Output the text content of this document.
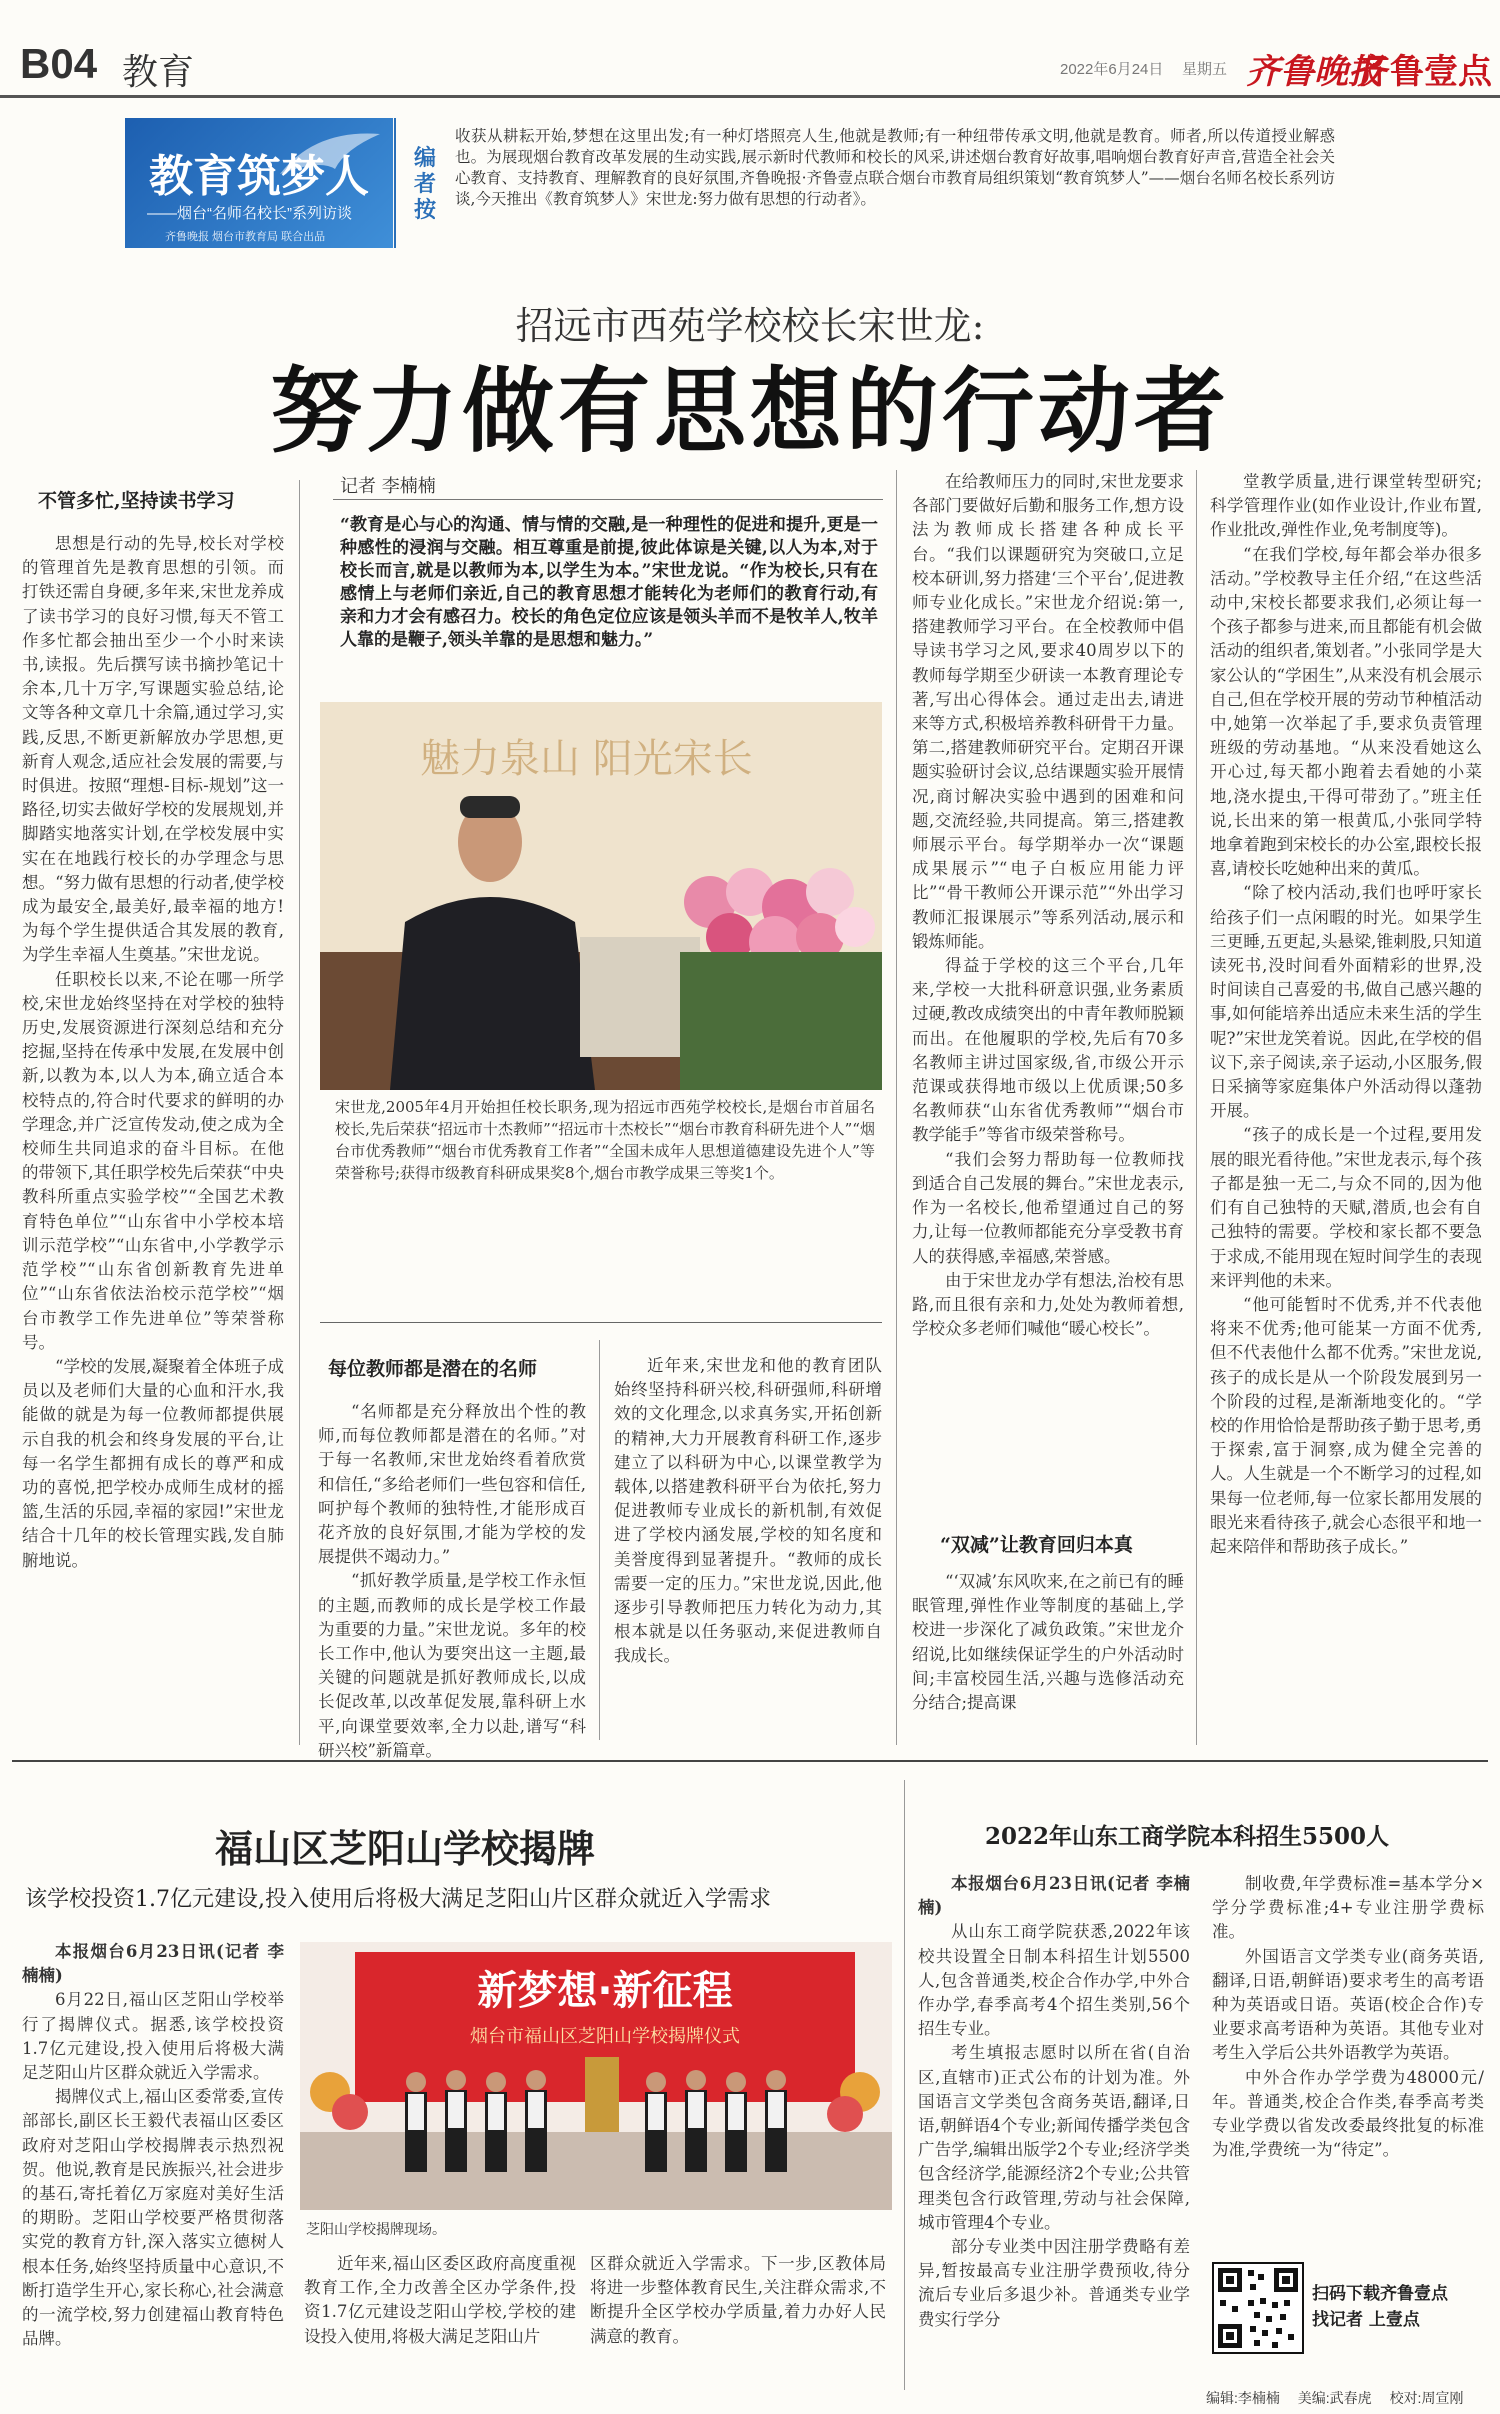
B04 教育	2022年6月24日 星期五 齐鲁晚报
齐鲁壹点
教育筑梦人
——烟台“名师名校长”系列访谈
齐鲁晚报 烟台市教育局 联合出品
编者按
收获从耕耘开始,梦想在这里出发;有一种灯塔照亮人生,他就是教师;有一种纽带传承文明,他就是教育。师者,所以传道授业解惑也。为展现烟台教育改革发展的生动实践,展示新时代教师和校长的风采,讲述烟台教育好故事,唱响烟台教育好声音,营造全社会关心教育、支持教育、理解教育的良好氛围,齐鲁晚报·齐鲁壹点联合烟台市教育局组织策划“教育筑梦人”——烟台名师名校长系列访谈,今天推出《教育筑梦人》宋世龙:努力做有思想的行动者》。
招远市西苑学校校长宋世龙:
努力做有思想的行动者
不管多忙,坚持读书学习

思想是行动的先导,校长对学校的管理首先是教育思想的引领。而打铁还需自身硬,多年来,宋世龙养成了读书学习的良好习惯,每天不管工作多忙都会抽出至少一个小时来读书,读报。先后撰写读书摘抄笔记十余本,几十万字,写课题实验总结,论文等各种文章几十余篇,通过学习,实践,反思,不断更新解放办学思想,更新育人观念,适应社会发展的需要,与时俱进。按照“理想-目标-规划”这一路径,切实去做好学校的发展规划,并脚踏实地落实计划,在学校发展中实实在在地践行校长的办学理念与思想。“努力做有思想的行动者,使学校成为最安全,最美好,最幸福的地方!为每个学生提供适合其发展的教育,为学生幸福人生奠基。”宋世龙说。

任职校长以来,不论在哪一所学校,宋世龙始终坚持在对学校的独特历史,发展资源进行深刻总结和充分挖掘,坚持在传承中发展,在发展中创新,以教为本,以人为本,确立适合本校特点的,符合时代要求的鲜明的办学理念,并广泛宣传发动,使之成为全校师生共同追求的奋斗目标。在他的带领下,其任职学校先后荣获“中央教科所重点实验学校”“全国艺术教育特色单位”“山东省中小学校本培训示范学校”“山东省中,小学教学示范学校”“山东省创新教育先进单位”“山东省依法治校示范学校”“烟台市教学工作先进单位”等荣誉称号。

“学校的发展,凝聚着全体班子成员以及老师们大量的心血和汗水,我能做的就是为每一位教师都提供展示自我的机会和终身发展的平台,让每一名学生都拥有成长的尊严和成功的喜悦,把学校办成师生成材的摇篮,生活的乐园,幸福的家园!”宋世龙结合十几年的校长管理实践,发自肺腑地说。

记者 李楠楠
“教育是心与心的沟通、情与情的交融,是一种理性的促进和提升,更是一种感性的浸润与交融。相互尊重是前提,彼此体谅是关键,以人为本,对于校长而言,就是以教师为本,以学生为本。”宋世龙说。“作为校长,只有在感情上与老师们亲近,自己的教育思想才能转化为老师们的教育行动,有亲和力才会有感召力。校长的角色定位应该是领头羊而不是牧羊人,牧羊人靠的是鞭子,领头羊靠的是思想和魅力。”
魅力泉山 阳光宋长
宋世龙,2005年4月开始担任校长职务,现为招远市西苑学校校长,是烟台市首届名校长,先后荣获“招远市十杰教师”“招远市十杰校长”“烟台市教育科研先进个人”“烟台市优秀教师”“烟台市优秀教育工作者”“全国未成年人思想道德建设先进个人”等荣誉称号;获得市级教育科研成果奖8个,烟台市教学成果三等奖1个。
每位教师都是潜在的名师

“名师都是充分释放出个性的教师,而每位教师都是潜在的名师。”对于每一名教师,宋世龙始终看着欣赏和信任,“多给老师们一些包容和信任,呵护每个教师的独特性,才能形成百花齐放的良好氛围,才能为学校的发展提供不竭动力。”

“抓好教学质量,是学校工作永恒的主题,而教师的成长是学校工作最为重要的力量。”宋世龙说。多年的校长工作中,他认为要突出这一主题,最关键的问题就是抓好教师成长,以成长促改革,以改革促发展,靠科研上水平,向课堂要效率,全力以赴,谱写“科研兴校”新篇章。

近年来,宋世龙和他的教育团队始终坚持科研兴校,科研强师,科研增效的文化理念,以求真务实,开拓创新的精神,大力开展教育科研工作,逐步建立了以科研为中心,以课堂教学为载体,以搭建教科研平台为依托,努力促进教师专业成长的新机制,有效促进了学校内涵发展,学校的知名度和美誉度得到显著提升。“教师的成长需要一定的压力。”宋世龙说,因此,他逐步引导教师把压力转化为动力,其根本就是以任务驱动,来促进教师自我成长。

在给教师压力的同时,宋世龙要求各部门要做好后勤和服务工作,想方设法为教师成长搭建各种成长平台。“我们以课题研究为突破口,立足校本研训,努力搭建‘三个平台’,促进教师专业化成长。”宋世龙介绍说:第一,搭建教师学习平台。在全校教师中倡导读书学习之风,要求40周岁以下的教师每学期至少研读一本教育理论专著,写出心得体会。通过走出去,请进来等方式,积极培养教科研骨干力量。第二,搭建教师研究平台。定期召开课题实验研讨会议,总结课题实验开展情况,商讨解决实验中遇到的困难和问题,交流经验,共同提高。第三,搭建教师展示平台。每学期举办一次“课题成果展示”“电子白板应用能力评比”“骨干教师公开课示范”“外出学习教师汇报课展示”等系列活动,展示和锻炼师能。

得益于学校的这三个平台,几年来,学校一大批科研意识强,业务素质过硬,教改成绩突出的中青年教师脱颖而出。在他履职的学校,先后有70多名教师主讲过国家级,省,市级公开示范课或获得地市级以上优质课;50多名教师获“山东省优秀教师”“烟台市教学能手”等省市级荣誉称号。

“我们会努力帮助每一位教师找到适合自己发展的舞台。”宋世龙表示,作为一名校长,他希望通过自己的努力,让每一位教师都能充分享受教书育人的获得感,幸福感,荣誉感。

由于宋世龙办学有想法,治校有思路,而且很有亲和力,处处为教师着想,学校众多老师们喊他“暖心校长”。

“双减”让教育回归本真

“‘双减’东风吹来,在之前已有的睡眠管理,弹性作业等制度的基础上,学校进一步深化了减负政策。”宋世龙介绍说,比如继续保证学生的户外活动时间;丰富校园生活,兴趣与选修活动充分结合;提高课

堂教学质量,进行课堂转型研究;科学管理作业(如作业设计,作业布置,作业批改,弹性作业,免考制度等)。

“在我们学校,每年都会举办很多活动。”学校教导主任介绍,“在这些活动中,宋校长都要求我们,必须让每一个孩子都参与进来,而且都能有机会做活动的组织者,策划者。”小张同学是大家公认的“学困生”,从来没有机会展示自己,但在学校开展的劳动节种植活动中,她第一次举起了手,要求负责管理班级的劳动基地。“从来没看她这么开心过,每天都小跑着去看她的小菜地,浇水提虫,干得可带劲了。”班主任说,长出来的第一根黄瓜,小张同学特地拿着跑到宋校长的办公室,跟校长报喜,请校长吃她种出来的黄瓜。

“除了校内活动,我们也呼吁家长给孩子们一点闲暇的时光。如果学生三更睡,五更起,头悬梁,锥刺股,只知道读死书,没时间看外面精彩的世界,没时间读自己喜爱的书,做自己感兴趣的事,如何能培养出适应未来生活的学生呢?”宋世龙笑着说。因此,在学校的倡议下,亲子阅读,亲子运动,小区服务,假日采摘等家庭集体户外活动得以蓬勃开展。

“孩子的成长是一个过程,要用发展的眼光看待他。”宋世龙表示,每个孩子都是独一无二,与众不同的,因为他们有自己独特的天赋,潜质,也会有自己独特的需要。学校和家长都不要急于求成,不能用现在短时间学生的表现来评判他的未来。

“他可能暂时不优秀,并不代表他将来不优秀;他可能某一方面不优秀,但不代表他什么都不优秀。”宋世龙说,孩子的成长是从一个阶段发展到另一个阶段的过程,是渐渐地变化的。“学校的作用恰恰是帮助孩子勤于思考,勇于探索,富于洞察,成为健全完善的人。人生就是一个不断学习的过程,如果每一位老师,每一位家长都用发展的眼光来看待孩子,就会心态很平和地一起来陪伴和帮助孩子成长。”

福山区芝阳山学校揭牌
该学校投资1.7亿元建设,投入使用后将极大满足芝阳山片区群众就近入学需求

本报烟台6月23日讯(记者 李楠楠)

6月22日,福山区芝阳山学校举行了揭牌仪式。据悉,该学校投资1.7亿元建设,投入使用后将极大满足芝阳山片区群众就近入学需求。

揭牌仪式上,福山区委常委,宣传部部长,副区长王毅代表福山区委区政府对芝阳山学校揭牌表示热烈祝贺。他说,教育是民族振兴,社会进步的基石,寄托着亿万家庭对美好生活的期盼。芝阳山学校要严格贯彻落实党的教育方针,深入落实立德树人根本任务,始终坚持质量中心意识,不断打造学生开心,家长称心,社会满意的一流学校,努力创建福山教育特色品牌。

新梦想·新征程
烟台市福山区芝阳山学校揭牌仪式
芝阳山学校揭牌现场。

近年来,福山区委区政府高度重视教育工作,全力改善全区办学条件,投资1.7亿元建设芝阳山学校,学校的建设投入使用,将极大满足芝阳山片

区群众就近入学需求。下一步,区教体局将进一步整体教育民生,关注群众需求,不断提升全区学校办学质量,着力办好人民满意的教育。

2022年山东工商学院本科招生5500人

本报烟台6月23日讯(记者 李楠楠)

从山东工商学院获悉,2022年该校共设置全日制本科招生计划5500人,包含普通类,校企合作办学,中外合作办学,春季高考4个招生类别,56个招生专业。

考生填报志愿时以所在省(自治区,直辖市)正式公布的计划为准。外国语言文学类包含商务英语,翻译,日语,朝鲜语4个专业;新闻传播学类包含广告学,编辑出版学2个专业;经济学类包含经济学,能源经济2个专业;公共管理类包含行政管理,劳动与社会保障,城市管理4个专业。

部分专业类中因注册学费略有差异,暂按最高专业注册学费预收,待分流后专业后多退少补。普通类专业学费实行学分

制收费,年学费标准=基本学分×学分学费标准;4+专业注册学费标准。

外国语言文学类专业(商务英语,翻译,日语,朝鲜语)要求考生的高考语种为英语或日语。英语(校企合作)专业要求高考语种为英语。其他专业对考生入学后公共外语教学为英语。

中外合作办学学费为48000元/年。普通类,校企合作类,春季高考类专业学费以省发改委最终批复的标准为准,学费统一为“待定”。

扫码下载齐鲁壹点
找记者 上壹点
编辑:李楠楠 美编:武春虎 校对:周宣刚
